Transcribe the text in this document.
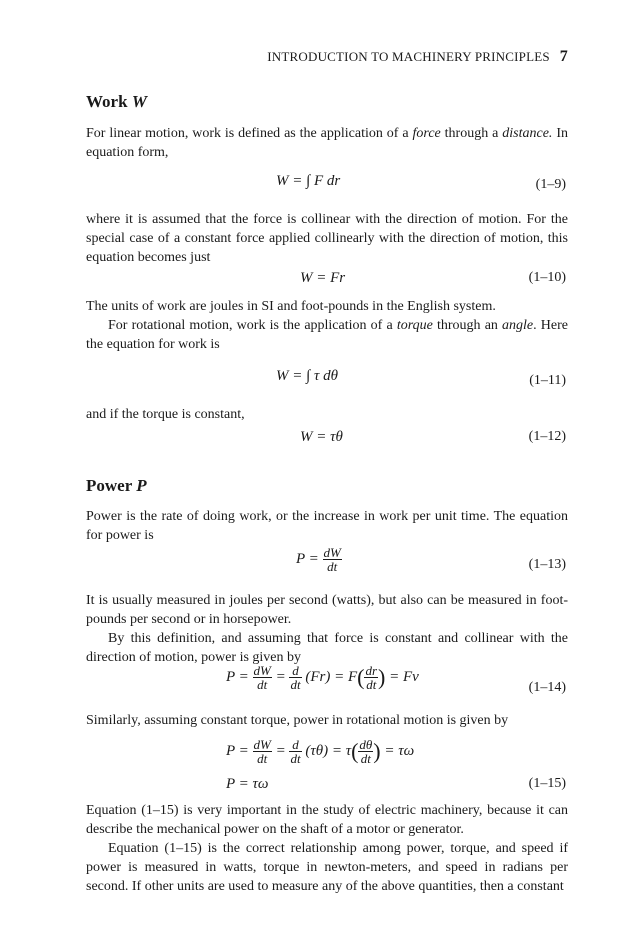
INTRODUCTION TO MACHINERY PRINCIPLES 7
Work W
For linear motion, work is defined as the application of a force through a distance. In equation form,
W = ∫ F dr	(1–9)
where it is assumed that the force is collinear with the direction of motion. For the special case of a constant force applied collinearly with the direction of motion, this equation becomes just
W = Fr	(1–10)
The units of work are joules in SI and foot-pounds in the English system.
For rotational motion, work is the application of a torque through an angle. Here the equation for work is
W = ∫ τ dθ	(1–11)
and if the torque is constant,
W = τθ	(1–12)
Power P
Power is the rate of doing work, or the increase in work per unit time. The equation for power is
$P = \frac{dW}{dt}$	(1–13)
It is usually measured in joules per second (watts), but also can be measured in foot-pounds per second or in horsepower.
By this definition, and assuming that force is constant and collinear with the direction of motion, power is given by
$P = \frac{dW}{dt} = \frac{d}{dt} (Fr) = F( \frac{dr}{dt}$ ) = Fv
(1–14)
Similarly, assuming constant torque, power in rotational motion is given by
$P = \frac{dW}{dt} = \frac{d}{dt} (\tau\theta) = \tau( \frac{d\theta}{dt}$ ) = τω
P = τω	(1–15)
Equation (1–15) is very important in the study of electric machinery, because it can describe the mechanical power on the shaft of a motor or generator.
Equation (1–15) is the correct relationship among power, torque, and speed if power is measured in watts, torque in newton-meters, and speed in radians per second. If other units are used to measure any of the above quantities, then a constant
